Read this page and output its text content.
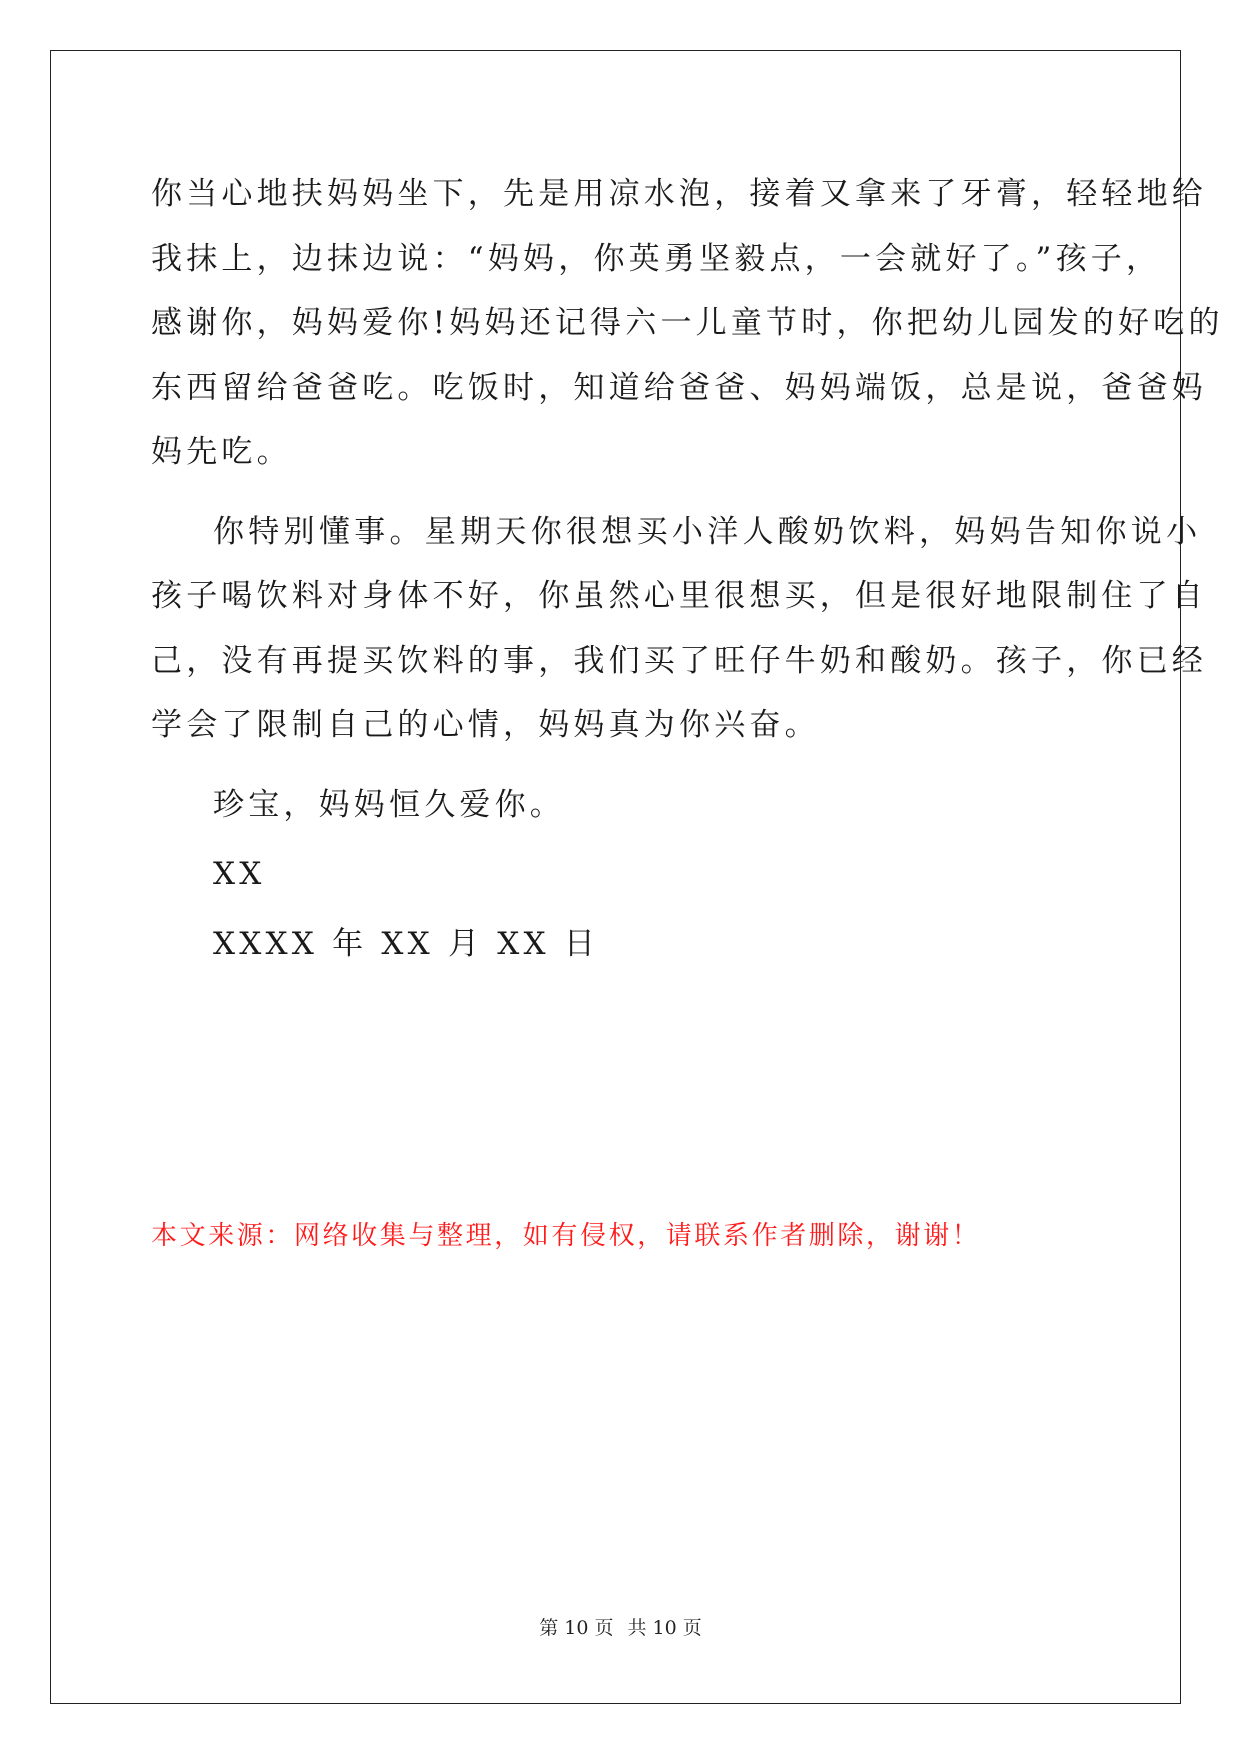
你当心地扶妈妈坐下，先是用凉水泡，接着又拿来了牙膏，轻轻地给
我抹上，边抹边说：“妈妈，你英勇坚毅点，一会就好了。”孩子，
感谢你，妈妈爱你!妈妈还记得六一儿童节时，你把幼儿园发的好吃的
东西留给爸爸吃。吃饭时，知道给爸爸、妈妈端饭，总是说，爸爸妈
妈先吃。
你特别懂事。星期天你很想买小洋人酸奶饮料，妈妈告知你说小
孩子喝饮料对身体不好，你虽然心里很想买，但是很好地限制住了自
己，没有再提买饮料的事，我们买了旺仔牛奶和酸奶。孩子，你已经
学会了限制自己的心情，妈妈真为你兴奋。
珍宝，妈妈恒久爱你。
XX
XXXX 年 XX 月 XX 日
本文来源：网络收集与整理，如有侵权，请联系作者删除，谢谢！
第 10 页 共 10 页
